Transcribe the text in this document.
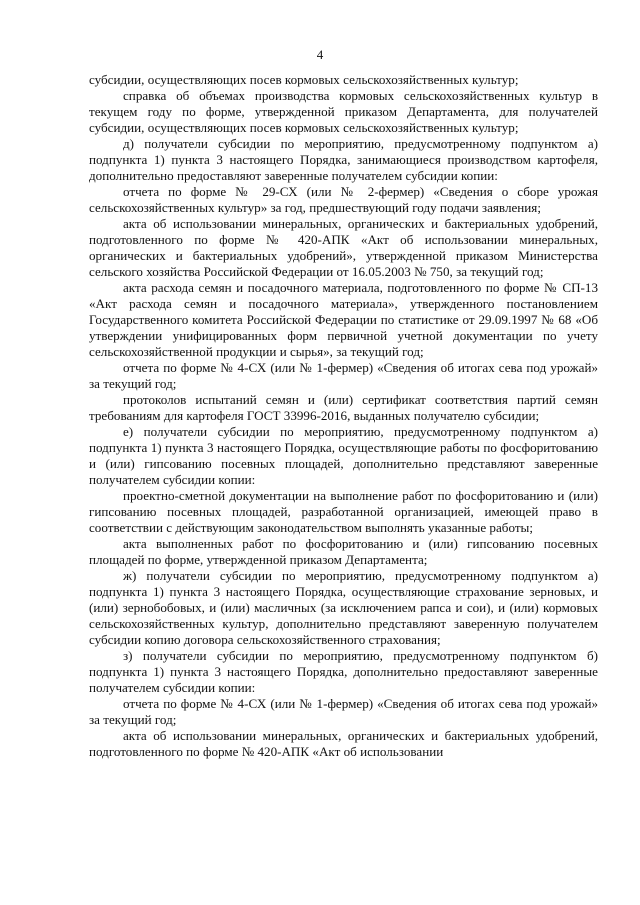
4

субсидии, осуществляющих посев кормовых сельскохозяйственных культур;

справка об объемах производства кормовых сельскохозяйственных культур в текущем году по форме, утвержденной приказом Департамента, для получателей субсидии, осуществляющих посев кормовых сельскохозяйственных культур;

д) получатели субсидии по мероприятию, предусмотренному подпунктом а) подпункта 1) пункта 3 настоящего Порядка, занимающиеся производством картофеля, дополнительно предоставляют заверенные получателем субсидии копии:

отчета по форме № 29-СХ (или № 2-фермер) «Сведения о сборе урожая сельскохозяйственных культур» за год, предшествующий году подачи заявления;

акта об использовании минеральных, органических и бактериальных удобрений, подготовленного по форме № 420-АПК «Акт об использовании минеральных, органических и бактериальных удобрений», утвержденной приказом Министерства сельского хозяйства Российской Федерации от 16.05.2003 № 750, за текущий год;

акта расхода семян и посадочного материала, подготовленного по форме № СП-13 «Акт расхода семян и посадочного материала», утвержденного постановлением Государственного комитета Российской Федерации по статистике от 29.09.1997 № 68 «Об утверждении унифицированных форм первичной учетной документации по учету сельскохозяйственной продукции и сырья», за текущий год;

отчета по форме № 4-СХ (или № 1-фермер) «Сведения об итогах сева под урожай» за текущий год;

протоколов испытаний семян и (или) сертификат соответствия партий семян требованиям для картофеля ГОСТ 33996-2016, выданных получателю субсидии;

е) получатели субсидии по мероприятию, предусмотренному подпунктом а) подпункта 1) пункта 3 настоящего Порядка, осуществляющие работы по фосфоритованию и (или) гипсованию посевных площадей, дополнительно представляют заверенные получателем субсидии копии:

проектно-сметной документации на выполнение работ по фосфоритованию и (или) гипсованию посевных площадей, разработанной организацией, имеющей право в соответствии с действующим законодательством выполнять указанные работы;

акта выполненных работ по фосфоритованию и (или) гипсованию посевных площадей по форме, утвержденной приказом Департамента;

ж) получатели субсидии по мероприятию, предусмотренному подпунктом а) подпункта 1) пункта 3 настоящего Порядка, осуществляющие страхование зерновых, и (или) зернобобовых, и (или) масличных (за исключением рапса и сои), и (или) кормовых сельскохозяйственных культур, дополнительно представляют заверенную получателем субсидии копию договора сельскохозяйственного страхования;

з) получатели субсидии по мероприятию, предусмотренному подпунктом б) подпункта 1) пункта 3 настоящего Порядка, дополнительно предоставляют заверенные получателем субсидии копии:

отчета по форме № 4-СХ (или № 1-фермер) «Сведения об итогах сева под урожай» за текущий год;

акта об использовании минеральных, органических и бактериальных удобрений, подготовленного по форме № 420-АПК «Акт об использовании
